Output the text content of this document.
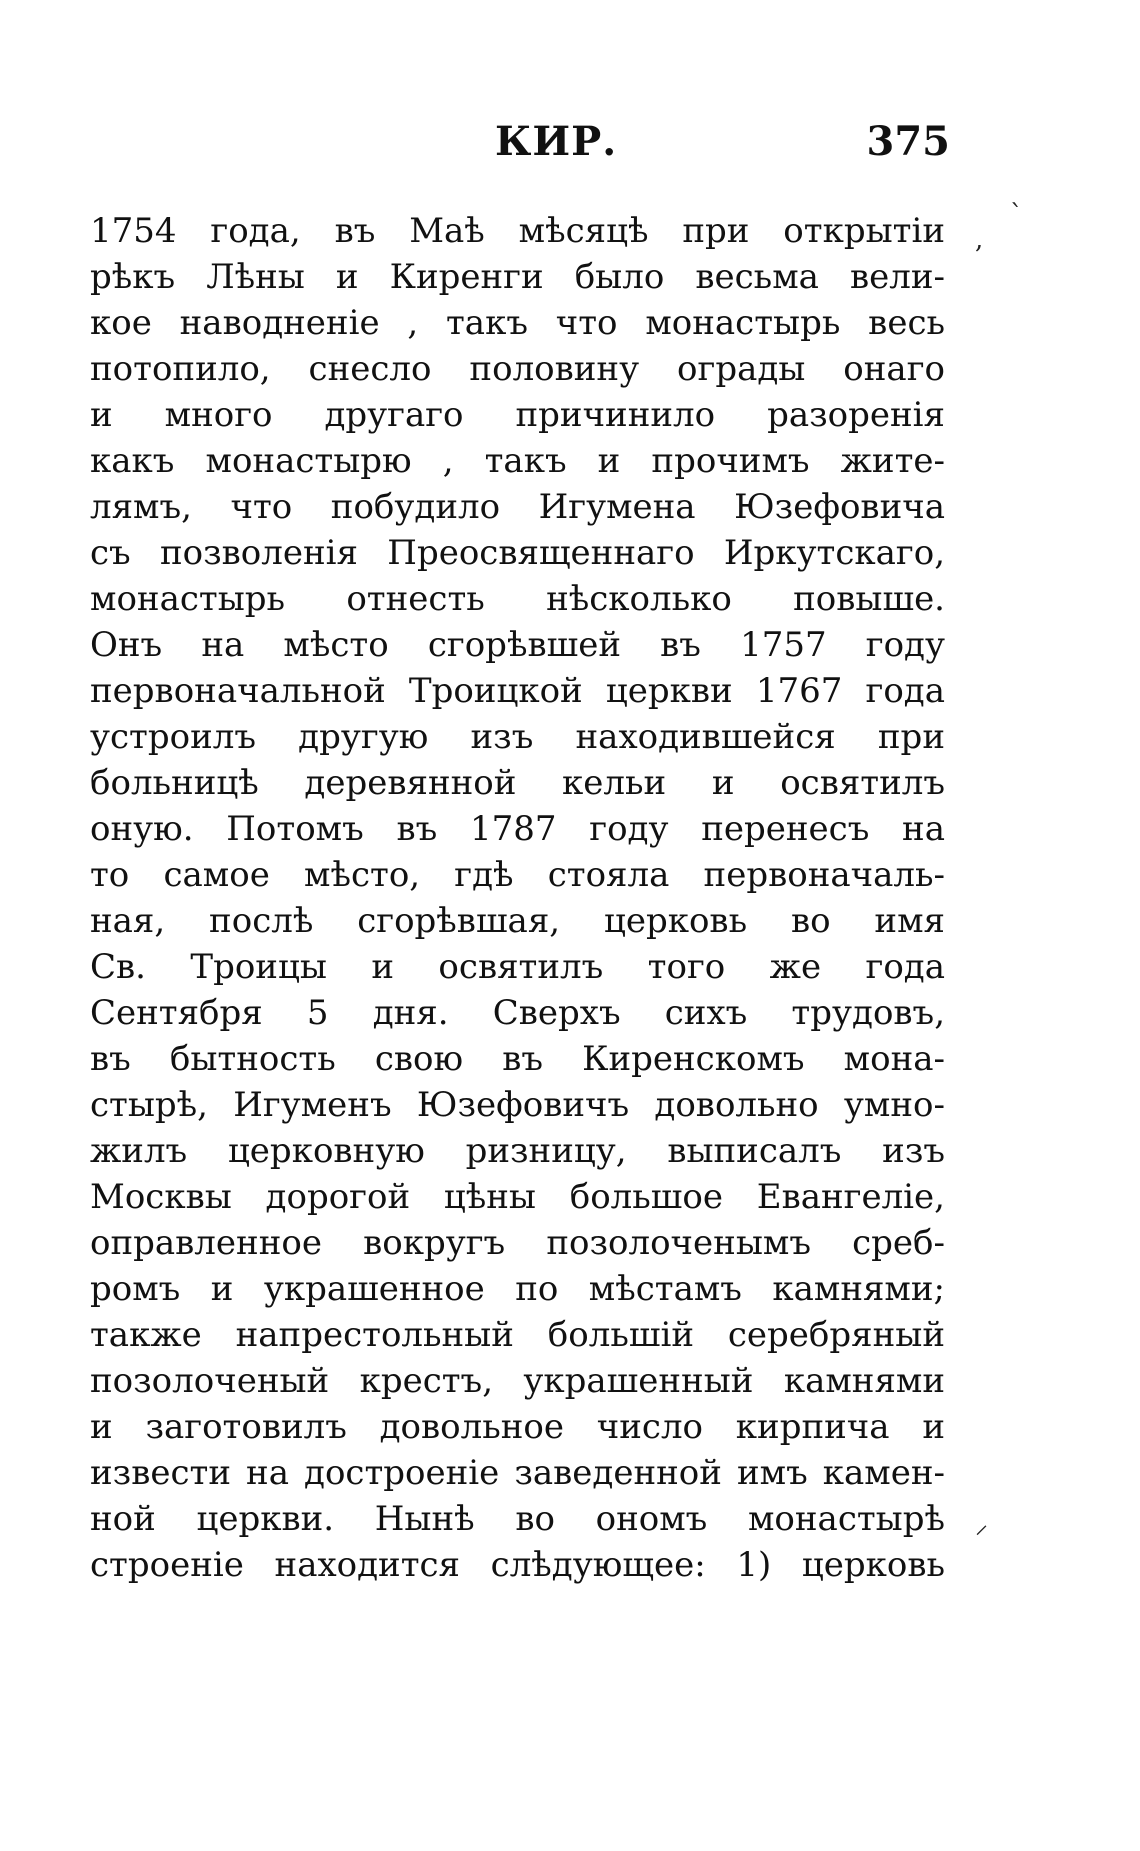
КИР.	375
1754 года, въ Маѣ мѣсяцѣ при открытіи
рѣкъ Лѣны и Киренги было весьма вели-
кое наводненіе , такъ что монастырь весь
потопило, снесло половину ограды онаго
и много другаго причинило разоренія
какъ монастырю , такъ и прочимъ жите-
лямъ, что побудило Игумена Юзефовича
съ позволенія Преосвященнаго Иркутскаго,
монастырь отнесть нѣсколько повыше.
Онъ на мѣсто сгорѣвшей въ 1757 году
первоначальной Троицкой церкви 1767 года
устроилъ другую изъ находившейся при
больницѣ деревянной кельи и освятилъ
оную. Потомъ въ 1787 году перенесъ на
то самое мѣсто, гдѣ стояла первоначаль-
ная, послѣ сгорѣвшая, церковь во имя
Св. Троицы и освятилъ того же года
Сентября 5 дня. Сверхъ сихъ трудовъ,
въ бытность свою въ Киренскомъ мона-
стырѣ, Игуменъ Юзефовичъ довольно умно-
жилъ церковную ризницу, выписалъ изъ
Москвы дорогой цѣны большое Евангеліе,
оправленное вокругъ позолоченымъ среб-
ромъ и украшенное по мѣстамъ камнями;
также напрестольный большій серебряный
позолоченый крестъ, украшенный камнями
и заготовилъ довольное число кирпича и
извести на достроеніе заведенной имъ камен-
ной церкви. Нынѣ во ономъ монастырѣ
строеніе находится слѣдующее: 1) церковь
,
`
⸝
